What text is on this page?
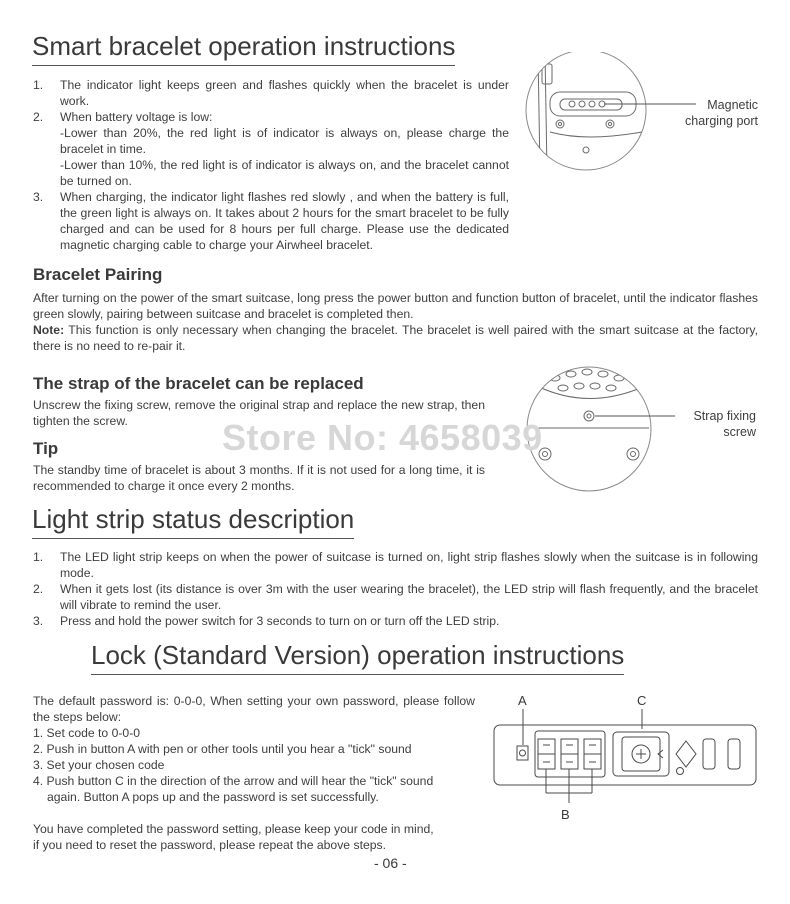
Smart bracelet operation instructions
1. The indicator light keeps green and flashes quickly when the bracelet is under work.

2. When battery voltage is low:

-Lower than 20%, the red light is of indicator is always on, please charge the bracelet in time.

-Lower than 10%, the red light is of indicator is always on, and the bracelet cannot be turned on.

3. When charging, the indicator light flashes red slowly , and when the battery is full, the green light is always on. It takes about 2 hours for the smart bracelet to be fully charged and can be used for 8 hours per full charge. Please use the dedicated magnetic charging cable to charge your Airwheel bracelet.

Magnetic
charging port
Bracelet Pairing

After turning on the power of the smart suitcase, long press the power button and function button of bracelet, until the indicator flashes green slowly, pairing between suitcase and bracelet is completed then.

Note: This function is only necessary when changing the bracelet. The bracelet is well paired with the smart suitcase at the factory, there is no need to re-pair it.

The strap of the bracelet can be replaced

Unscrew the fixing screw, remove the original strap and replace the new strap, then tighten the screw.	Strap fixing
screw
Tip

The standby time of bracelet is about 3 months. If it is not used for a long time, it is recommended to charge it once every 2 months.

Store No: 4658039
Light strip status description
1. The LED light strip keeps on when the power of suitcase is turned on, light strip flashes slowly when the suitcase is in following mode.

2. When it gets lost (its distance is over 3m with the user wearing the bracelet), the LED strip will flash frequently, and the bracelet will vibrate to remind the user.

3. Press and hold the power switch for 3 seconds to turn on or turn off the LED strip.

Lock (Standard Version) operation instructions

The default password is: 0-0-0, When setting your own password, please follow the steps below:

1. Set code to 0-0-0

2. Push in button A with pen or other tools until you hear a "tick" sound

3. Set your chosen code

4. Push button C in the direction of the arrow and will hear the "tick" sound

again. Button A pops up and the password is set successfully.

You have completed the password setting, please keep your code in mind,

if you need to reset the password, please repeat the above steps.

A	C
B
- 06 -
